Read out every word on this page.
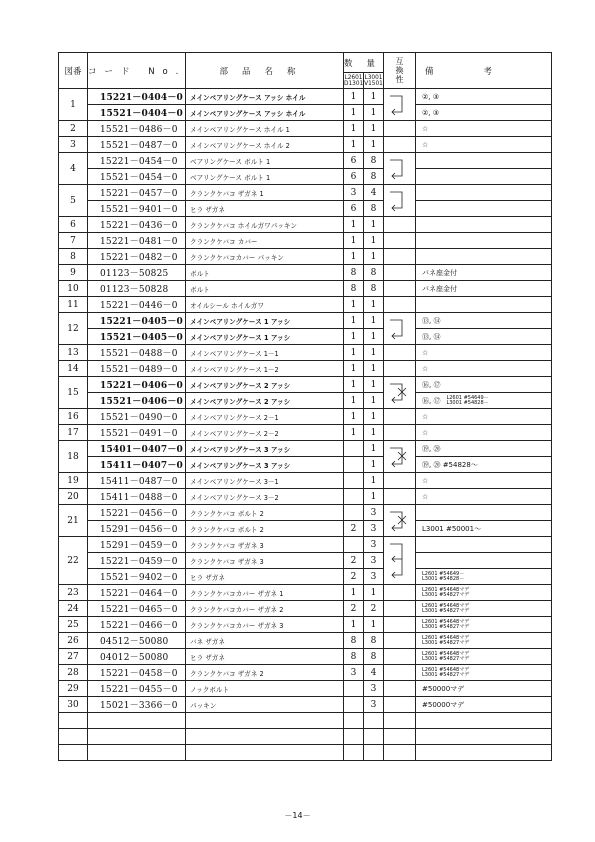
図番	コード No.	部品名称	数量		互換性	備考
			L2601
D1301	L3001
V1501		
1	15221－0404－0	メインベアリングケース アッシ ホイル	1	1		②, ③
	15521－0404－0	メインベアリングケース アッシ ホイル	1	1		②, ③
2	15521－0486－0	メインベアリングケース ホイル 1	1	1		☆
3	15521－0487－0	メインベアリングケース ホイル 2	1	1		☆
4	15221－0454－0	ベアリングケース ボルト 1	6	8	

	15521－0454－0	ベアリングケース ボルト 1	6	8		
5	15221－0457－0	クランクケバコ ザガネ 1	3	4	

	15521－9401－0	ヒラ ザガネ	6	8		
6	15221－0436－0	クランクケバコ ホイルガワパッキン	1	1		
7	15221－0481－0	クランクケバコ カバー	1	1		
8	15221－0482－0	クランクケバコカバー パッキン	1	1		
9	01123－50825	ボルト	8	8		バネ座金付
10	01123－50828	ボルト	8	8		バネ座金付
11	15221－0446－0	オイルシール ホイルガワ	1	1		
12	15221－0405－0	メインベアリングケース 1 アッシ	1	1		⑬, ⑭
	15521－0405－0	メインベアリングケース 1 アッシ	1	1		⑬, ⑭
13	15521－0488－0	メインベアリングケース 1－1	1	1		☆
14	15521－0489－0	メインベアリングケース 1－2	1	1		☆
15	15221－0406－0	メインベアリングケース 2 アッシ	1	1		⑯, ⑰
	15521－0406－0	メインベアリングケース 2 アッシ	1	1		⑯, ⑰ L2601 #54649－
L3001 #54828－

16	15521－0490－0	メインベアリングケース 2－1	1	1		☆
17	15521－0491－0	メインベアリングケース 2－2	1	1		☆
18	15401－0407－0	メインベアリングケース 3 アッシ		1		⑲, ⑳
	15411－0407－0	メインベアリングケース 3 アッシ		1		⑲, ⑳ #54828～
19	15411－0487－0	メインベアリングケース 3－1		1		☆
20	15411－0488－0	メインベアリングケース 3－2		1		☆
21	15221－0456－0	クランクケバコ ボルト 2		3	

	15291－0456－0	クランクケバコ ボルト 2	2	3		L3001 #50001～
22	15291－0459－0	クランクケバコ ザガネ 3		3	

	15221－0459－0	クランクケバコ ザガネ 3	2	3		
	15521－9402－0	ヒラ ザガネ	2	3		L2601 #54649－
L3001 #54828－

23	15221－0464－0	クランクケバコカバー ザガネ 1	1	1		L2601 #54648マデ
L3001 #54827マデ

24	15221－0465－0	クランクケバコカバー ザガネ 2	2	2		L2601 #54648マデ
L3001 #54827マデ

25	15221－0466－0	クランクケバコカバー ザガネ 3	1	1		L2601 #54648マデ
L3001 #54827マデ

26	04512－50080	バネ ザガネ	8	8		L2601 #54648マデ
L3001 #54827マデ

27	04012－50080	ヒラ ザガネ	8	8		L2601 #54648マデ
L3001 #54827マデ

28	15221－0458－0	クランクケバコ ザガネ 2	3	4		L2601 #54648マデ
L3001 #54827マデ

29	15221－0455－0	ノックボルト		3		#50000マデ
30	15021－3366－0	パッキン		3		#50000マデ

－14－
